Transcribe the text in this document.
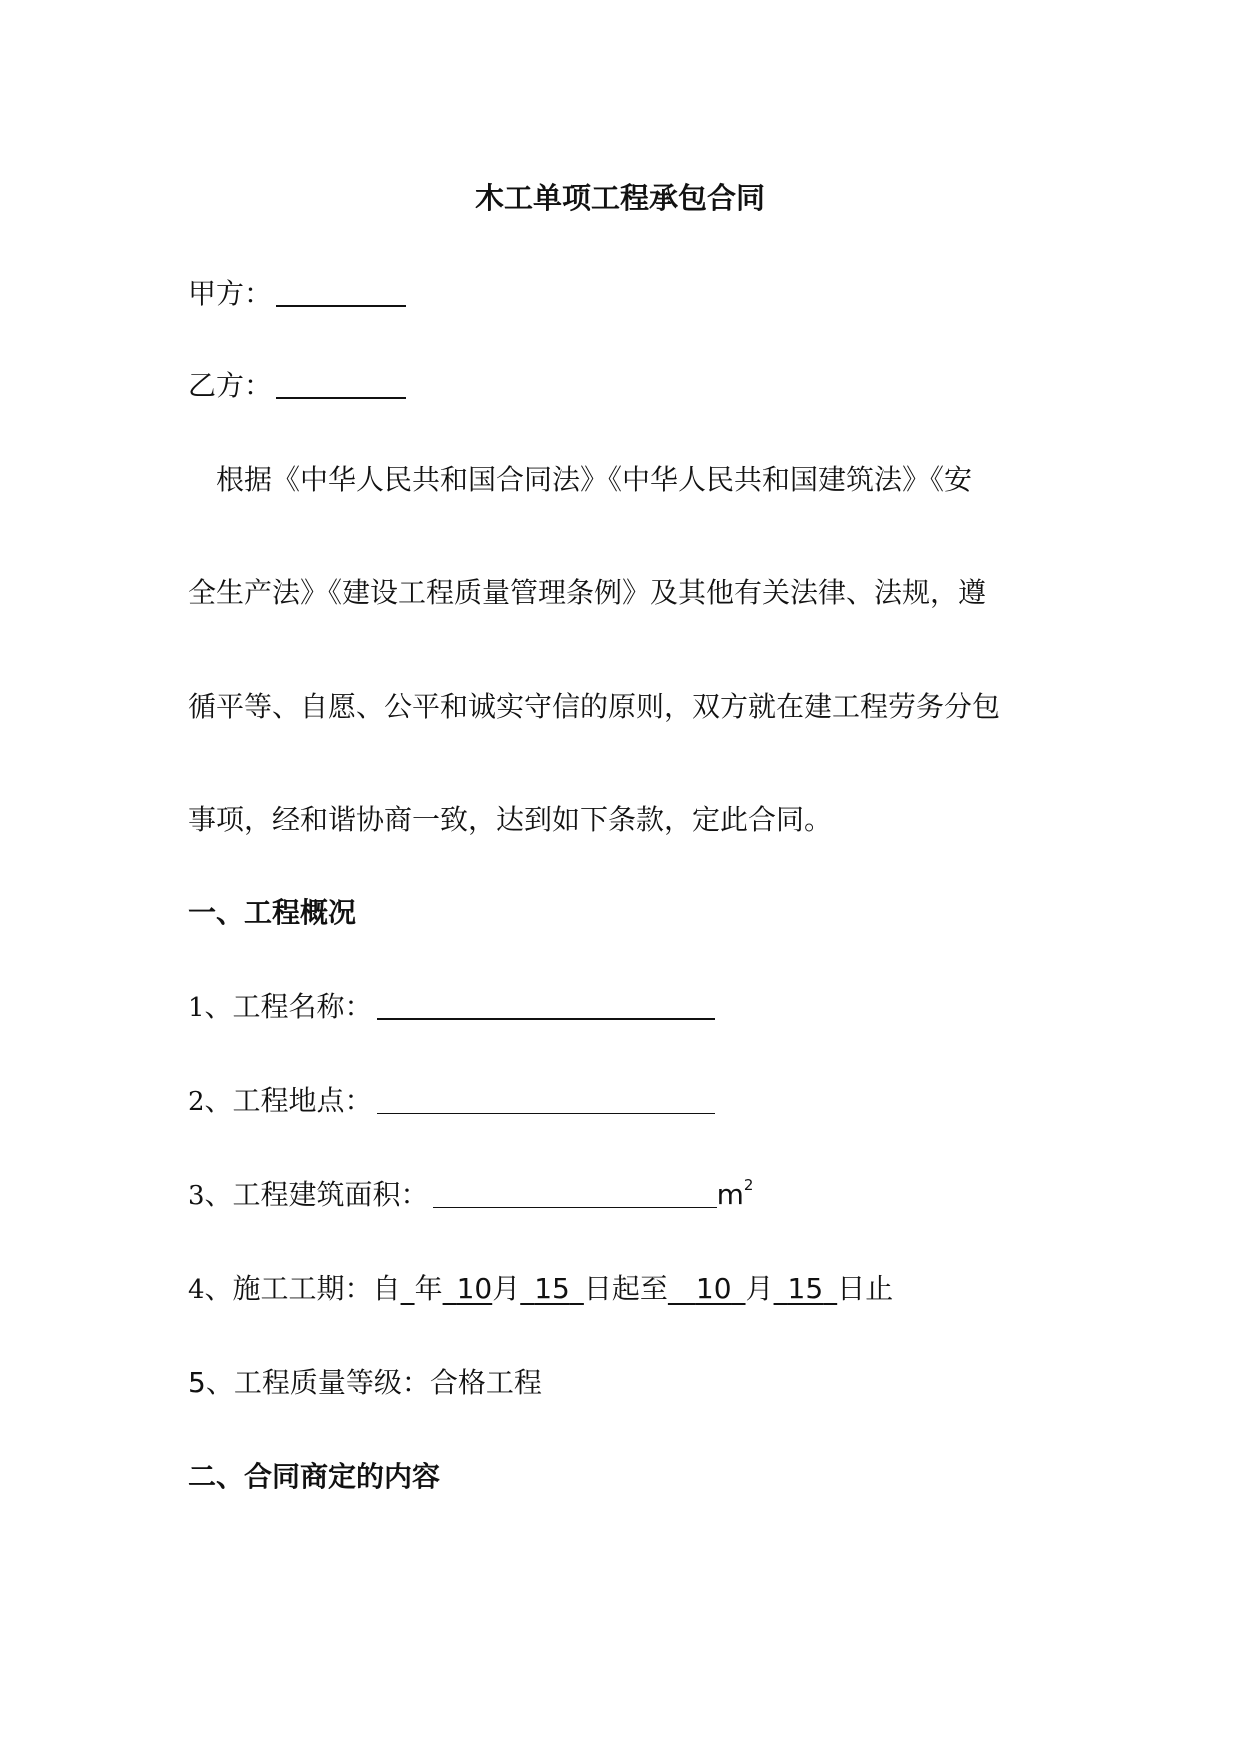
木工单项工程承包合同
甲方：
乙方：
　根据《中华人民共和国合同法》《中华人民共和国建筑法》《安
全生产法》《建设工程质量管理条例》及其他有关法律、法规，遵
循平等、自愿、公平和诚实守信的原则，双方就在建工程劳务分包
事项，经和谐协商一致，达到如下条款，定此合同。
一、工程概况
1、工程名称：
2、工程地点：
3、工程建筑面积：	$m^2$
4、施工工期：自  年  10月  15  日起至   10  月  15  日止
5、工程质量等级：合格工程
二、合同商定的内容
